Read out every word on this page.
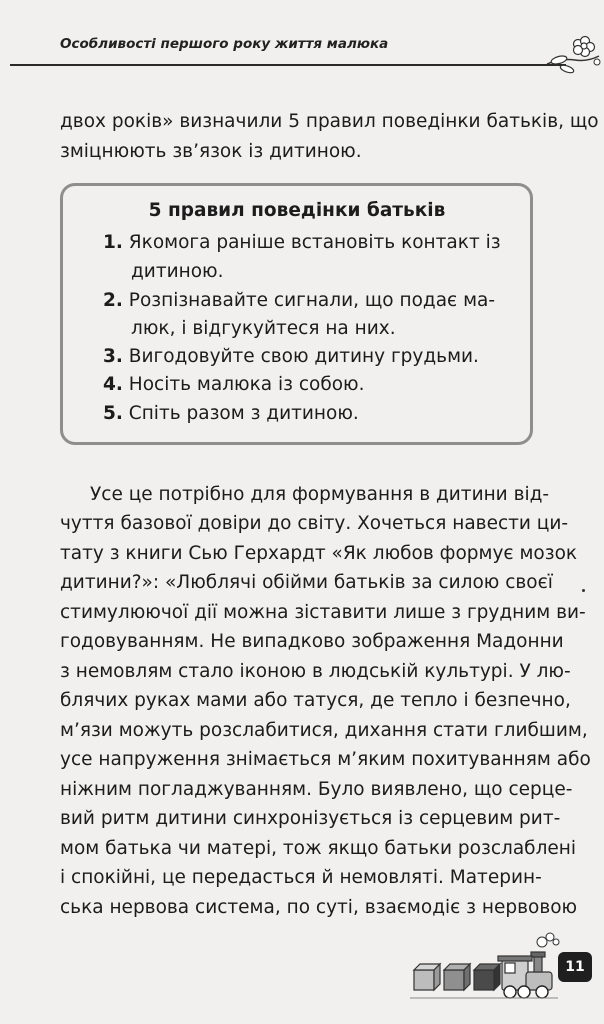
Особливості першого року життя малюка
двох років» визначили 5 правил поведінки батьків, що
зміцнюють зв’язок із дитиною.
5 правил поведінки батьків
1. Якомога раніше встановіть контакт із
дитиною.
2. Розпізнавайте сигнали, що подає ма-
люк, і відгукуйтеся на них.
3. Вигодовуйте свою дитину грудьми.
4. Носіть малюка із собою.
5. Спіть разом з дитиною.
Усе це потрібно для формування в дитини від-
чуття базової довіри до світу. Хочеться навести ци-
тату з книги Сью Герхардт «Як любов формує мозок
дитини?»: «Люблячі обійми батьків за силою своєї
стимулюючої дії можна зіставити лише з грудним ви-
годовуванням. Не випадково зображення Мадонни
з немовлям стало іконою в людській культурі. У лю-
блячих руках мами або татуся, де тепло і безпечно,
м’язи можуть розслабитися, дихання стати глибшим,
усе напруження знімається м’яким похитуванням або
ніжним погладжуванням. Було виявлено, що серце-
вий ритм дитини синхронізується із серцевим рит-
мом батька чи матері, тож якщо батьки розслаблені
і спокійні, це передасться й немовляті. Материн-
ська нервова система, по суті, взаємодіє з нервовою
11
